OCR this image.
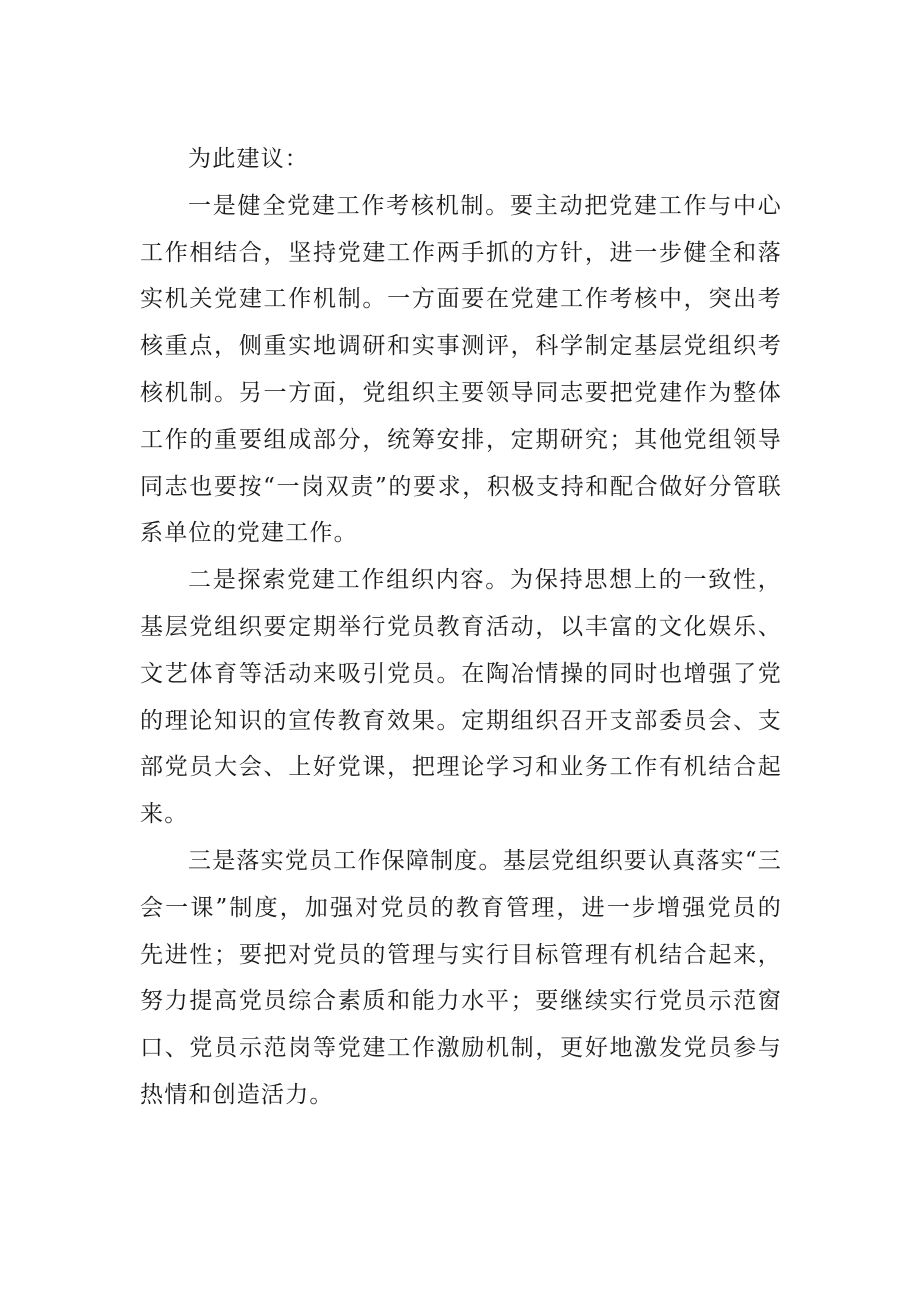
为此建议：

一是健全党建工作考核机制。要主动把党建工作与中心工作相结合，坚持党建工作两手抓的方针，进一步健全和落实机关党建工作机制。一方面要在党建工作考核中，突出考核重点，侧重实地调研和实事测评，科学制定基层党组织考核机制。另一方面，党组织主要领导同志要把党建作为整体工作的重要组成部分，统筹安排，定期研究；其他党组领导同志也要按“一岗双责”的要求，积极支持和配合做好分管联系单位的党建工作。

二是探索党建工作组织内容。为保持思想上的一致性，基层党组织要定期举行党员教育活动，以丰富的文化娱乐、文艺体育等活动来吸引党员。在陶冶情操的同时也增强了党的理论知识的宣传教育效果。定期组织召开支部委员会、支部党员大会、上好党课，把理论学习和业务工作有机结合起来。

三是落实党员工作保障制度。基层党组织要认真落实“三会一课”制度，加强对党员的教育管理，进一步增强党员的先进性；要把对党员的管理与实行目标管理有机结合起来，努力提高党员综合素质和能力水平；要继续实行党员示范窗口、党员示范岗等党建工作激励机制，更好地激发党员参与热情和创造活力。
